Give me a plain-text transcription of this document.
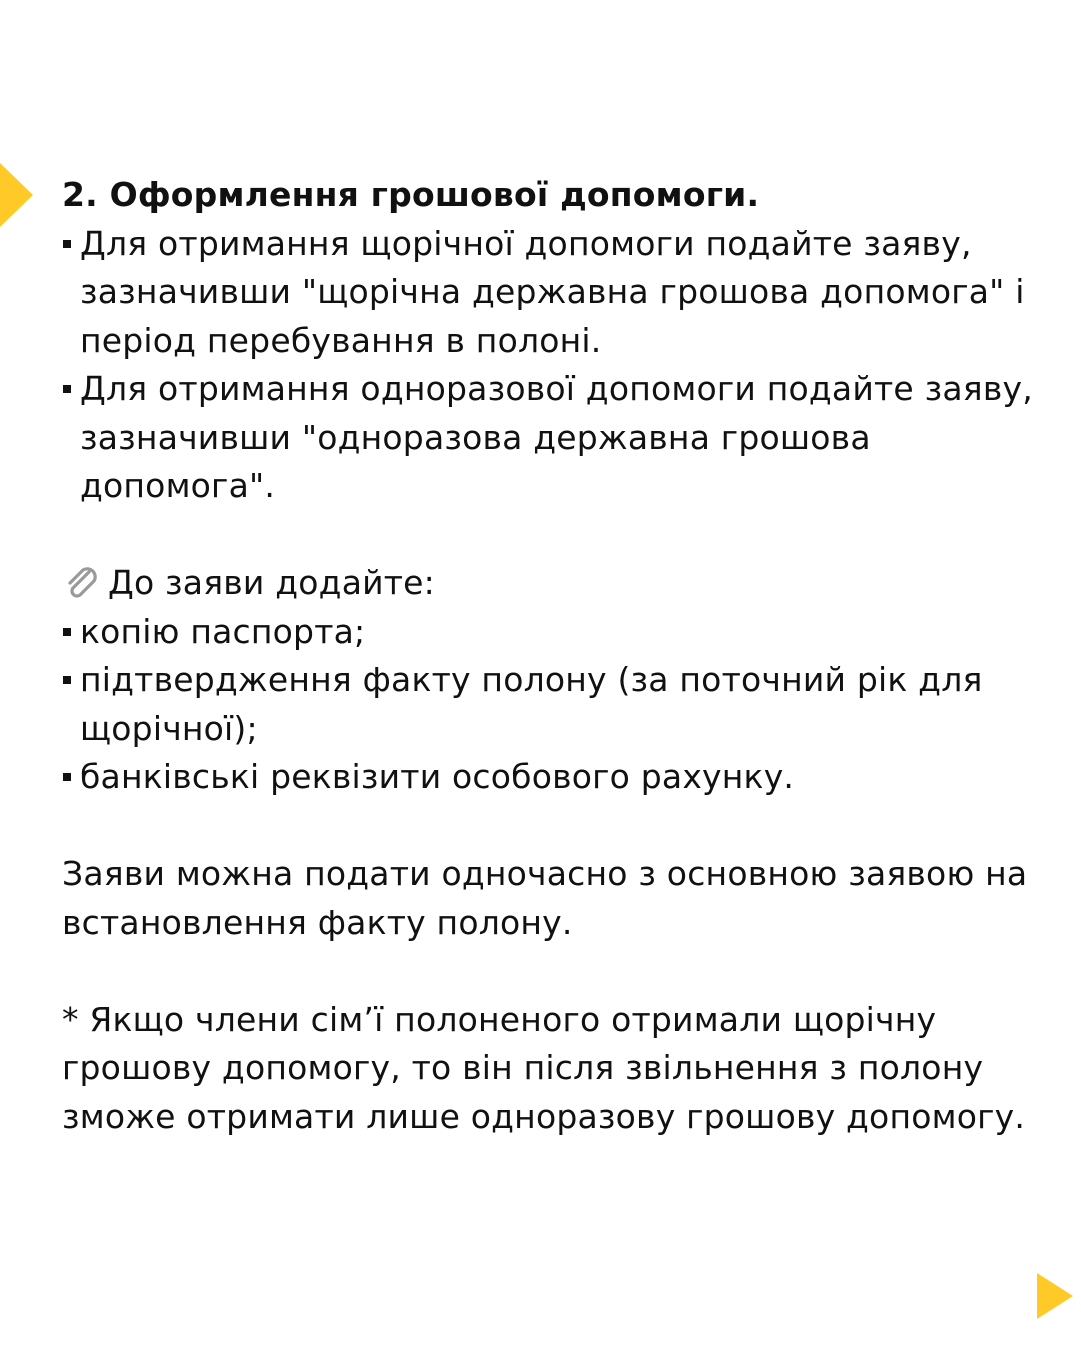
2. Оформлення грошової допомоги.

Для отримання щорічної допомоги подайте заяву, зазначивши "щорічна державна грошова допомога" і період перебування в полоні.
Для отримання одноразової допомоги подайте заяву, зазначивши "одноразова державна грошова допомога".
До заяви додайте:
копію паспорта;
підтвердження факту полону (за поточний рік для щорічної);
банківські реквізити особового рахунку.

Заяви можна подати одночасно з основною заявою на встановлення факту полону.

* Якщо члени сім’ї полоненого отримали щорічну грошову допомогу, то він після звільнення з полону зможе отримати лише одноразову грошову допомогу.
